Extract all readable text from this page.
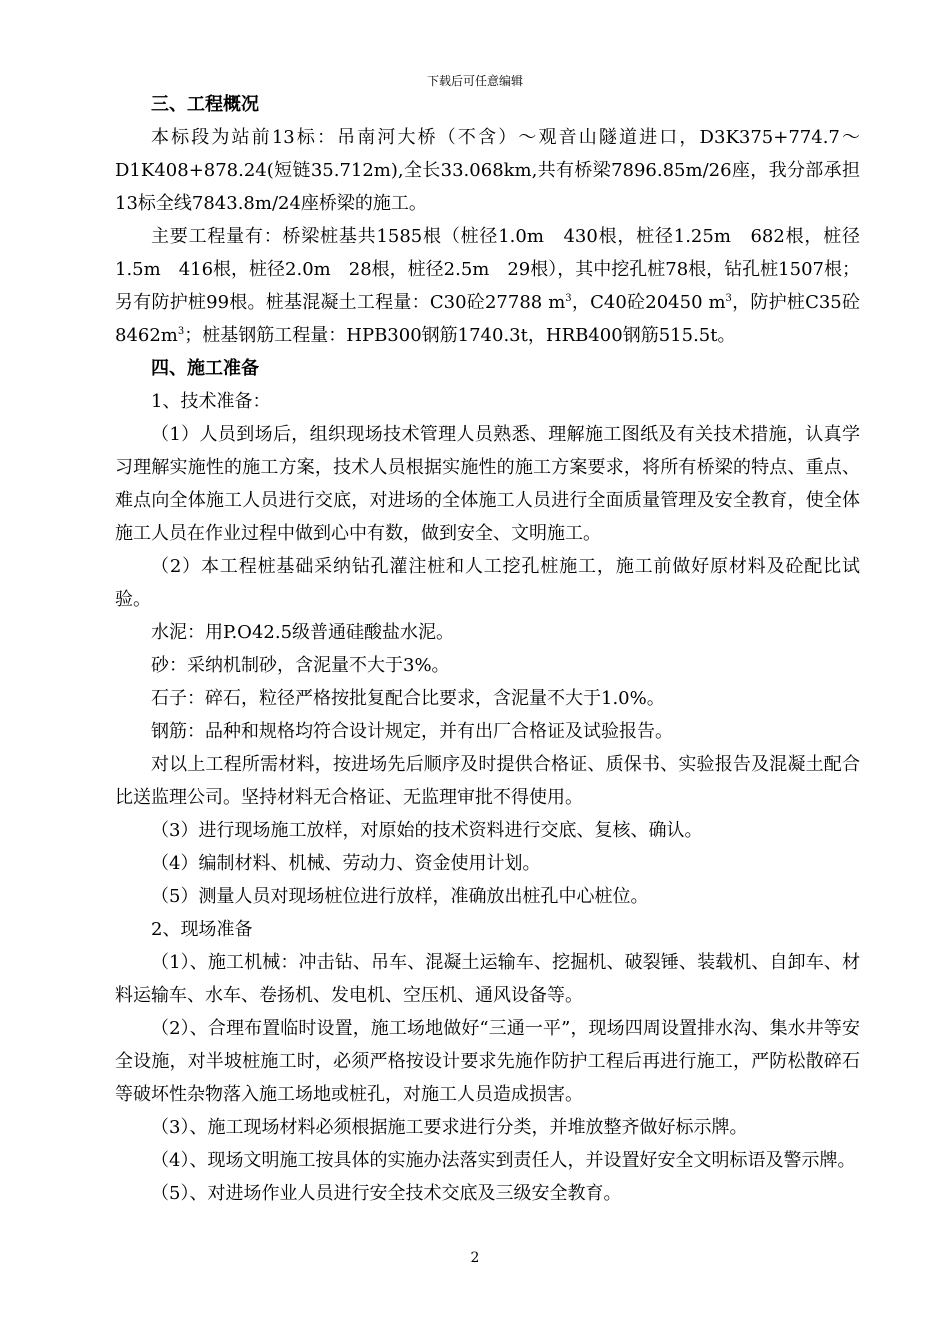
下载后可任意编辑

三、工程概况

本标段为站前13标：吊南河大桥（不含）～观音山隧道进口，D3K375+774.7～D1K408+878.24(短链35.712m),全长33.068km,共有桥梁7896.85m/26座，我分部承担13标全线7843.8m/24座桥梁的施工。

主要工程量有：桥梁桩基共1585根（桩径1.0m　430根，桩径1.25m　682根，桩径1.5m　416根，桩径2.0m　28根，桩径2.5m　29根），其中挖孔桩78根，钻孔桩1507根；另有防护桩99根。桩基混凝土工程量：C30砼27788 $m^3$，C40砼20450 $m^3$，防护桩C35砼$8462m^3$；桩基钢筋工程量：HPB300钢筋1740.3t，HRB400钢筋515.5t。

四、施工准备

1、技术准备：

（1）人员到场后，组织现场技术管理人员熟悉、理解施工图纸及有关技术措施，认真学习理解实施性的施工方案，技术人员根据实施性的施工方案要求，将所有桥梁的特点、重点、难点向全体施工人员进行交底，对进场的全体施工人员进行全面质量管理及安全教育，使全体施工人员在作业过程中做到心中有数，做到安全、文明施工。

（2）本工程桩基础采纳钻孔灌注桩和人工挖孔桩施工，施工前做好原材料及砼配比试验。

水泥：用P.O42.5级普通硅酸盐水泥。

砂：采纳机制砂，含泥量不大于3%。

石子：碎石，粒径严格按批复配合比要求，含泥量不大于1.0%。

钢筋：品种和规格均符合设计规定，并有出厂合格证及试验报告。

对以上工程所需材料，按进场先后顺序及时提供合格证、质保书、实验报告及混凝土配合比送监理公司。坚持材料无合格证、无监理审批不得使用。

（3）进行现场施工放样，对原始的技术资料进行交底、复核、确认。

（4）编制材料、机械、劳动力、资金使用计划。

（5）测量人员对现场桩位进行放样，准确放出桩孔中心桩位。

2、现场准备

（1）、施工机械：冲击钻、吊车、混凝土运输车、挖掘机、破裂锤、装载机、自卸车、材料运输车、水车、卷扬机、发电机、空压机、通风设备等。

（2）、合理布置临时设置，施工场地做好“三通一平”，现场四周设置排水沟、集水井等安全设施，对半坡桩施工时，必须严格按设计要求先施作防护工程后再进行施工，严防松散碎石等破坏性杂物落入施工场地或桩孔，对施工人员造成损害。

（3）、施工现场材料必须根据施工要求进行分类，并堆放整齐做好标示牌。

（4）、现场文明施工按具体的实施办法落实到责任人，并设置好安全文明标语及警示牌。

（5）、对进场作业人员进行安全技术交底及三级安全教育。

2
